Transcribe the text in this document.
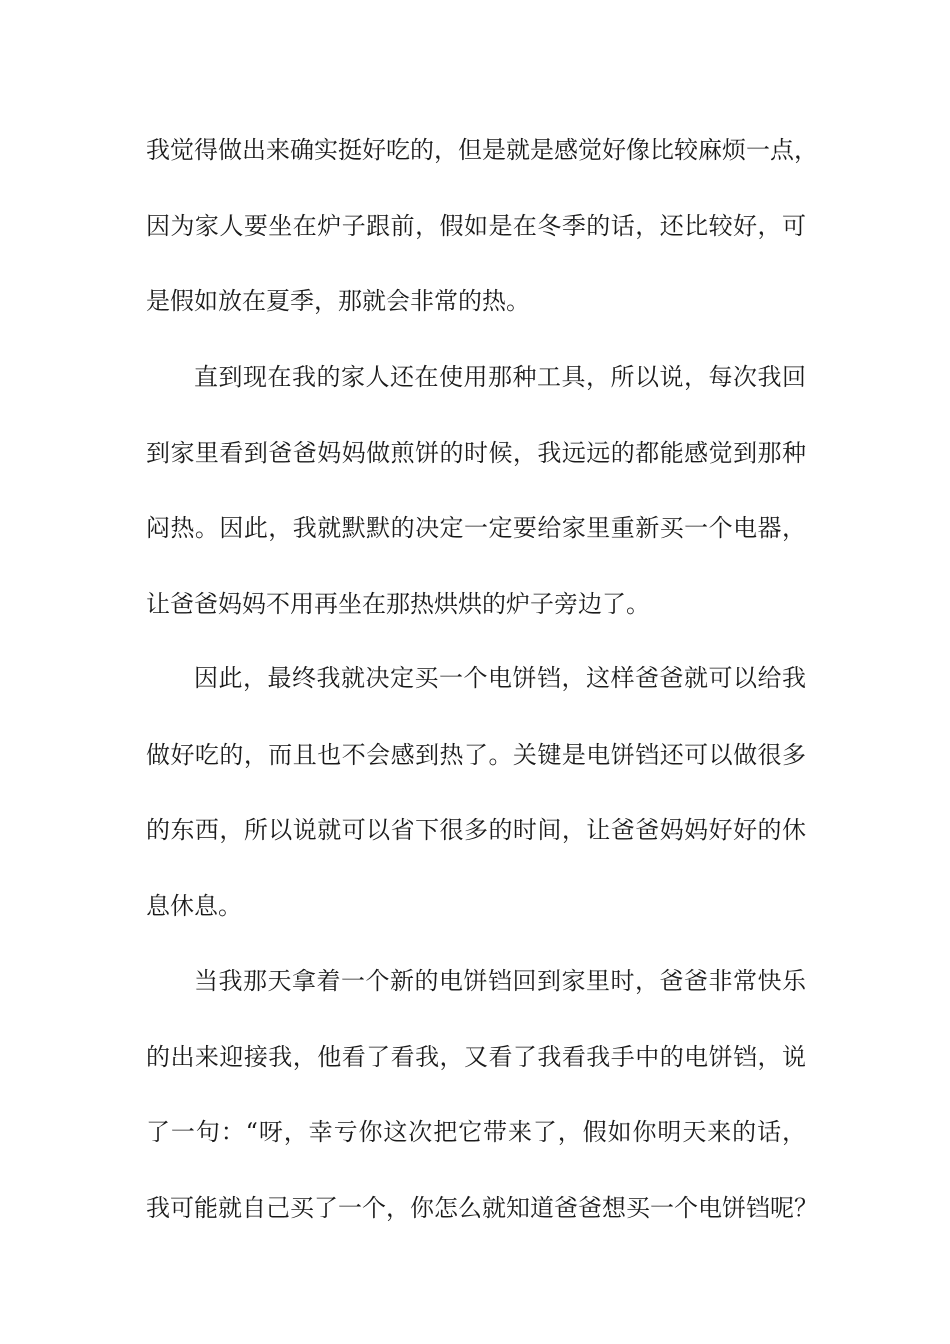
我觉得做出来确实挺好吃的，但是就是感觉好像比较麻烦一点，

因为家人要坐在炉子跟前，假如是在冬季的话，还比较好，可

是假如放在夏季，那就会非常的热。

直到现在我的家人还在使用那种工具，所以说，每次我回

到家里看到爸爸妈妈做煎饼的时候，我远远的都能感觉到那种

闷热。因此，我就默默的决定一定要给家里重新买一个电器，

让爸爸妈妈不用再坐在那热烘烘的炉子旁边了。

因此，最终我就决定买一个电饼铛，这样爸爸就可以给我

做好吃的，而且也不会感到热了。关键是电饼铛还可以做很多

的东西，所以说就可以省下很多的时间，让爸爸妈妈好好的休

息休息。

当我那天拿着一个新的电饼铛回到家里时，爸爸非常快乐

的出来迎接我，他看了看我，又看了我看我手中的电饼铛，说

了一句：“呀，幸亏你这次把它带来了，假如你明天来的话，

我可能就自己买了一个，你怎么就知道爸爸想买一个电饼铛呢？
